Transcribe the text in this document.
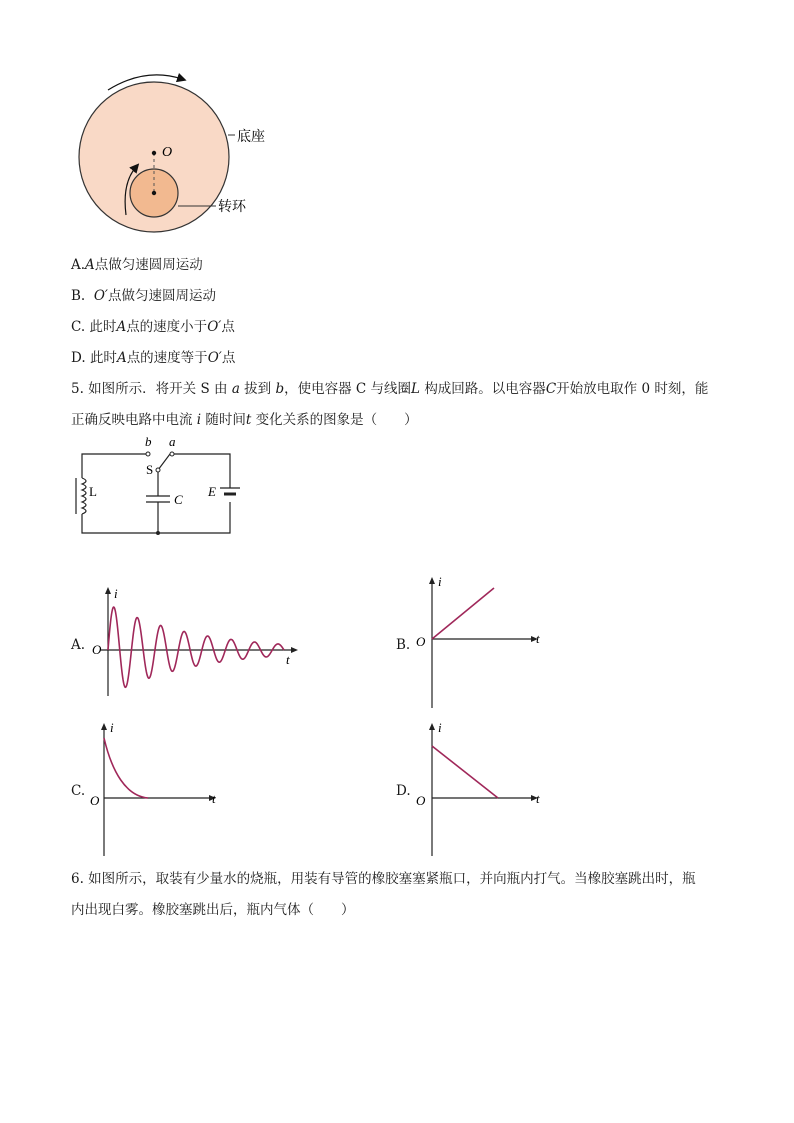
O
底座
转环
A.A点做匀速圆周运动
B. O′点做匀速圆周运动
C. 此时A点的速度小于O′点
D. 此时A点的速度等于O′点
5. 如图所示．将开关 S 由 a 拔到 b，使电容器 C 与线圈L 构成回路。以电容器C开始放电取作 0 时刻，能
正确反映电路中电流 i 随时间t 变化关系的图象是（　　）
b a
S
L
C
E
A.
i
t
O	B.
i
t
O
C.
i
t
O
D.
i
t
O
6. 如图所示，取装有少量水的烧瓶，用装有导管的橡胶塞塞紧瓶口，并向瓶内打气。当橡胶塞跳出时，瓶
内出现白雾。橡胶塞跳出后，瓶内气体（　　）
